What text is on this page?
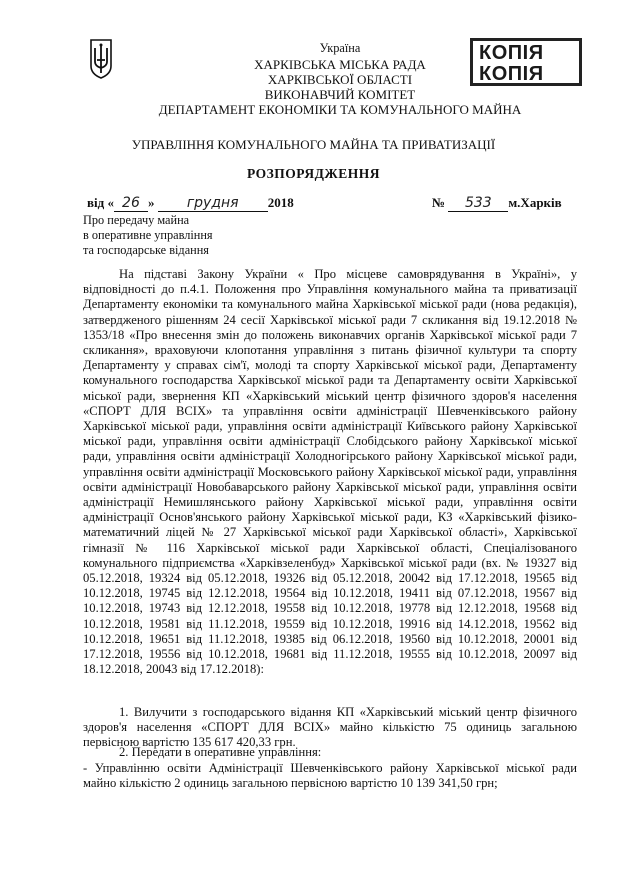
Україна
ХАРКІВСЬКА МІСЬКА РАДА
ХАРКІВСЬКОЇ ОБЛАСТІ
ВИКОНАВЧИЙ КОМІТЕТ
ДЕПАРТАМЕНТ ЕКОНОМІКИ ТА КОМУНАЛЬНОГО МАЙНА
КОПІЯ
КОПІЯ
УПРАВЛІННЯ КОМУНАЛЬНОГО МАЙНА ТА ПРИВАТИЗАЦІЇ
РОЗПОРЯДЖЕННЯ
від « 26 » грудня 2018	№ 533 м.Харків
Про передачу майна
в оперативне управління
та господарське відання
На підставі Закону України « Про місцеве самоврядування в Україні», у відповідності до п.4.1. Положення про Управління комунального майна та приватизації Департаменту економіки та комунального майна Харківської міської ради (нова редакція), затвердженого рішенням 24 сесії Харківської міської ради 7 скликання від 19.12.2018 № 1353/18 «Про внесення змін до положень виконавчих органів Харківської міської ради 7 скликання», враховуючи клопотання управління з питань фізичної культури та спорту Департаменту у справах сім'ї, молоді та спорту Харківської міської ради, Департаменту комунального господарства Харківської міської ради та Департаменту освіти Харківської міської ради, звернення КП «Харківський міський центр фізичного здоров'я населення «СПОРТ ДЛЯ ВСІХ» та управління освіти адміністрації Шевченківського району Харківської міської ради, управління освіти адміністрації Київського району Харківської міської ради, управління освіти адміністрації Слобідського району Харківської міської ради, управління освіти адміністрації Холодногірського району Харківської міської ради, управління освіти адміністрації Московського району Харківської міської ради, управління освіти адміністрації Новобаварського району Харківської міської ради, управління освіти адміністрації Немишлянського району Харківської міської ради, управління освіти адміністрації Основ'янського району Харківської міської ради, КЗ «Харківський фізико-математичний ліцей № 27 Харківської міської ради Харківської області», Харківської гімназії № 116 Харківської міської ради Харківської області, Спеціалізованого комунального підприємства «Харківзеленбуд» Харківської міської ради (вх. № 19327 від 05.12.2018, 19324 від 05.12.2018, 19326 від 05.12.2018, 20042 від 17.12.2018, 19565 від 10.12.2018, 19745 від 12.12.2018, 19564 від 10.12.2018, 19411 від 07.12.2018, 19567 від 10.12.2018, 19743 від 12.12.2018, 19558 від 10.12.2018, 19778 від 12.12.2018, 19568 від 10.12.2018, 19581 від 11.12.2018, 19559 від 10.12.2018, 19916 від 14.12.2018, 19562 від 10.12.2018, 19651 від 11.12.2018, 19385 від 06.12.2018, 19560 від 10.12.2018, 20001 від 17.12.2018, 19556 від 10.12.2018, 19681 від 11.12.2018, 19555 від 10.12.2018, 20097 від 18.12.2018, 20043 від 17.12.2018):
1. Вилучити з господарського відання КП «Харківський міський центр фізичного здоров'я населення «СПОРТ ДЛЯ ВСІХ» майно кількістю 75 одиниць загальною первісною вартістю 135 617 420,33 грн.
2. Передати в оперативне управління:
- Управлінню освіти Адміністрації Шевченківського району Харківської міської ради майно кількістю 2 одиниць загальною первісною вартістю 10 139 341,50 грн;
